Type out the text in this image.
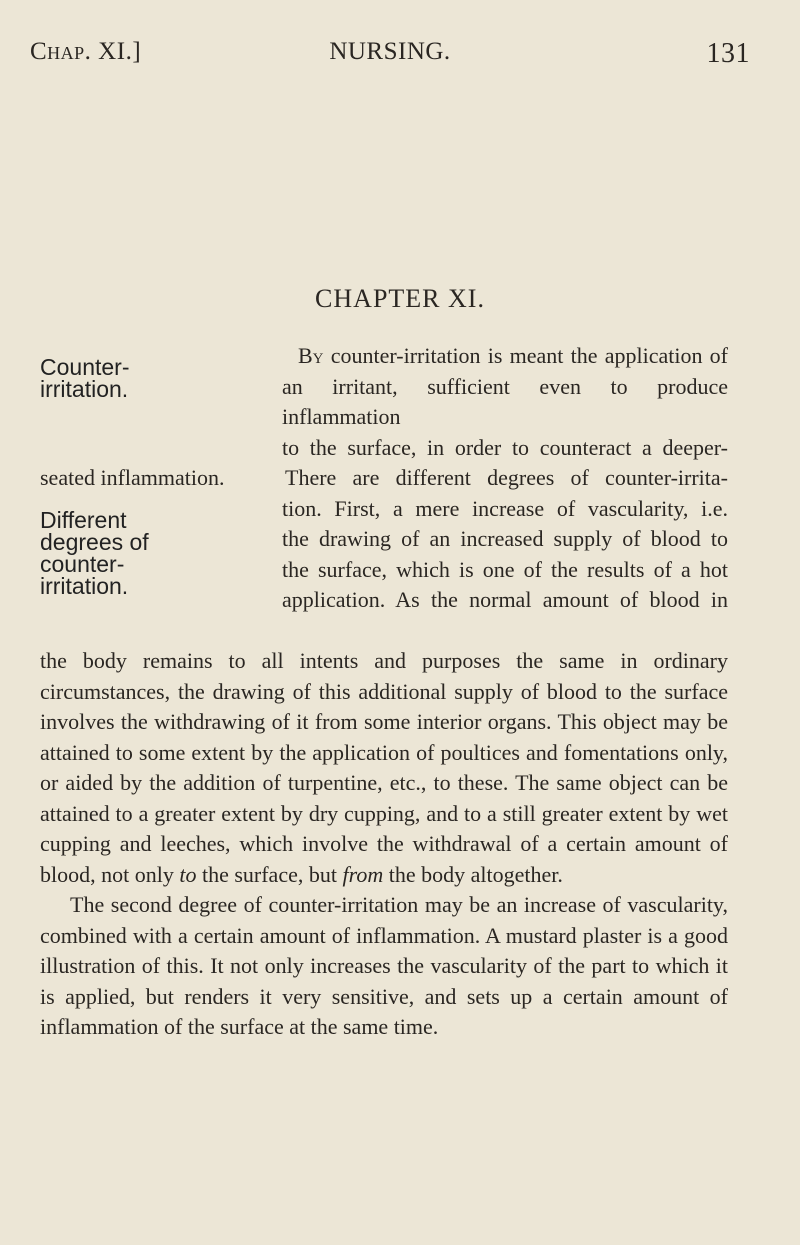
Chap. XI.]	NURSING.	131
CHAPTER XI.
Counter-
irritation.
Different
degrees of
counter-
irritation.
By counter-irritation is meant the application of
an irritant, sufficient even to produce inflammation
to the surface, in order to counteract a deeper-
seated inflammation.	There are different degrees of counter-irrita-
tion. First, a mere increase of vascularity, i.e.
the drawing of an increased supply of blood to
the surface, which is one of the results of a hot
application. As the normal amount of blood in

the body remains to all intents and purposes the same in ordinary circumstances, the drawing of this additional supply of blood to the surface involves the withdrawing of it from some interior organs. This object may be attained to some extent by the application of poultices and fomentations only, or aided by the addition of turpentine, etc., to these. The same object can be attained to a greater extent by dry cupping, and to a still greater extent by wet cupping and leeches, which involve the withdrawal of a certain amount of blood, not only to the surface, but from the body altogether.

The second degree of counter-irritation may be an increase of vascularity, combined with a certain amount of inflammation. A mustard plaster is a good illustration of this. It not only increases the vascularity of the part to which it is applied, but renders it very sensitive, and sets up a certain amount of inflammation of the surface at the same time.
